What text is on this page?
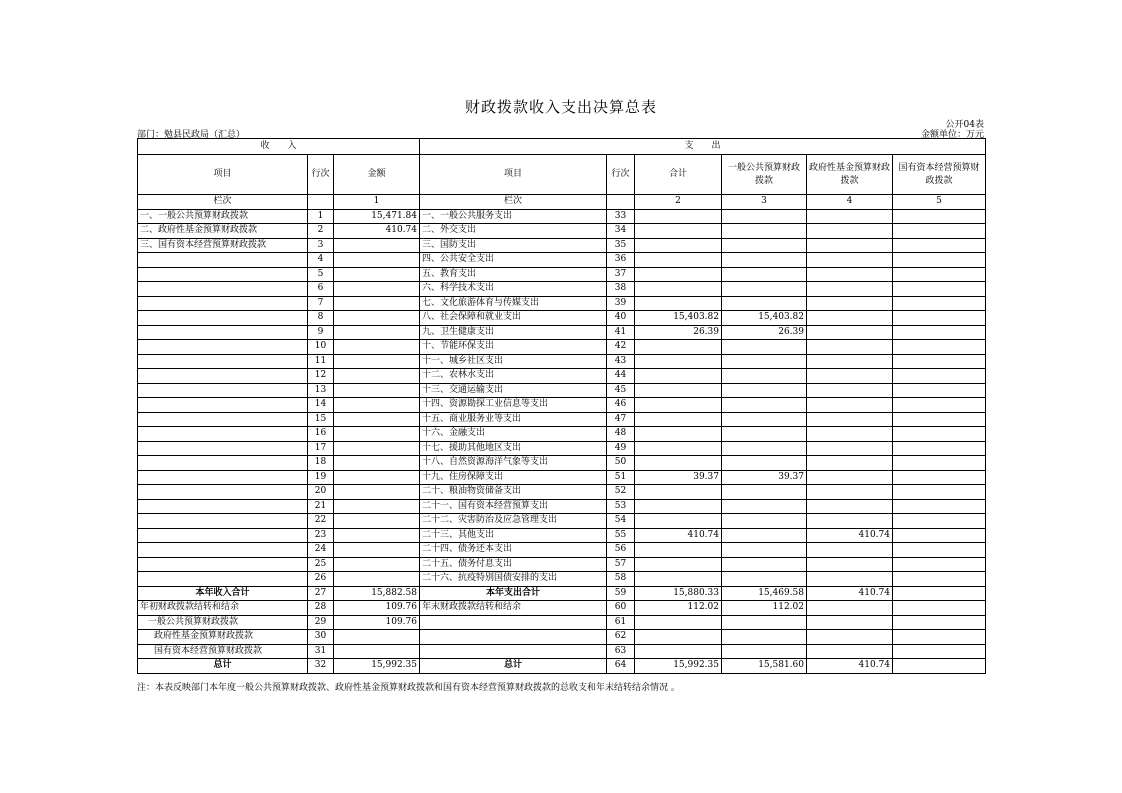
财政拨款收入支出决算总表
公开04表
部门：勉县民政局（汇总）	金额单位：万元
收　　入			支　　出					
项目	行次	金额	项目	行次	合计	一般公共预算财政拨款	政府性基金预算财政拨款	国有资本经营预算财政拨款
栏次		1	栏次		2	3	4	5
一、一般公共预算财政拨款	1	15,471.84	一、一般公共服务支出	33				
二、政府性基金预算财政拨款	2	410.74	二、外交支出	34				
三、国有资本经营预算财政拨款	3		三、国防支出	35				
	4		四、公共安全支出	36				
	5		五、教育支出	37				
	6		六、科学技术支出	38				
	7		七、文化旅游体育与传媒支出	39				
	8		八、社会保障和就业支出	40	15,403.82	15,403.82		
	9		九、卫生健康支出	41	26.39	26.39		
	10		十、节能环保支出	42				
	11		十一、城乡社区支出	43				
	12		十二、农林水支出	44				
	13		十三、交通运输支出	45				
	14		十四、资源勘探工业信息等支出	46				
	15		十五、商业服务业等支出	47				
	16		十六、金融支出	48				
	17		十七、援助其他地区支出	49				
	18		十八、自然资源海洋气象等支出	50				
	19		十九、住房保障支出	51	39.37	39.37		
	20		二十、粮油物资储备支出	52				
	21		二十一、国有资本经营预算支出	53				
	22		二十二、灾害防治及应急管理支出	54				
	23		二十三、其他支出	55	410.74		410.74	
	24		二十四、债务还本支出	56				
	25		二十五、债务付息支出	57				
	26		二十六、抗疫特别国债安排的支出	58				
本年收入合计	27	15,882.58	本年支出合计	59	15,880.33	15,469.58	410.74	
年初财政拨款结转和结余	28	109.76	年末财政拨款结转和结余	60	112.02	112.02		
一般公共预算财政拨款	29	109.76		61				
政府性基金预算财政拨款	30			62				
国有资本经营预算财政拨款	31			63				
总计	32	15,992.35	总计	64	15,992.35	15,581.60	410.74	
注：本表反映部门本年度一般公共预算财政拨款、政府性基金预算财政拨款和国有资本经营预算财政拨款的总收支和年末结转结余情况 。
